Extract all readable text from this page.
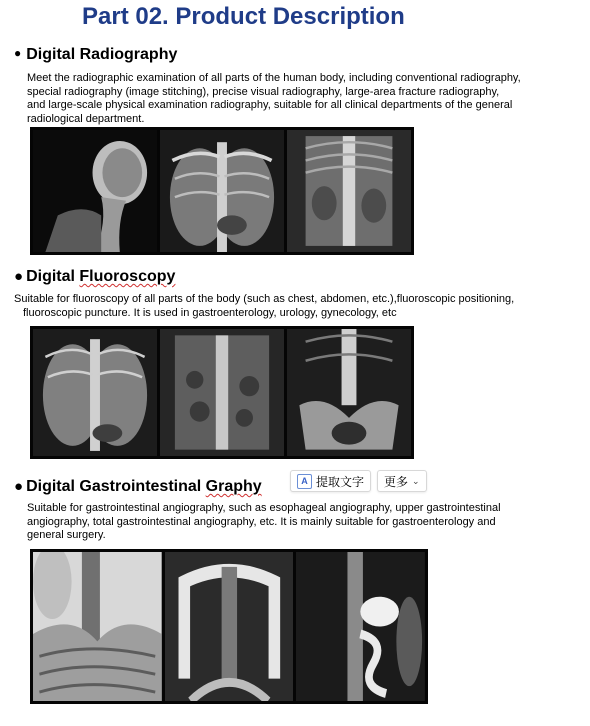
Part 02. Product Description
● Digital Radiography
Meet the radiographic examination of all parts of the human body, including conventional radiography,
special radiography (image stitching), precise visual radiography, large-area fracture radiography,
and large-scale physical examination radiography, suitable for all clinical departments of the general
radiological department.
● Digital Fluoroscopy
Suitable for fluoroscopy of all parts of the body (such as chest, abdomen, etc.),fluoroscopic positioning,
fluoroscopic puncture. It is used in gastroenterology, urology, gynecology, etc
● Digital Gastrointestinal Graphy	A 提取文字 更多 ⌄
Suitable for gastrointestinal angiography, such as esophageal angiography, upper gastrointestinal
angiography, total gastrointestinal angiography, etc. It is mainly suitable for gastroenterology and
general surgery.
